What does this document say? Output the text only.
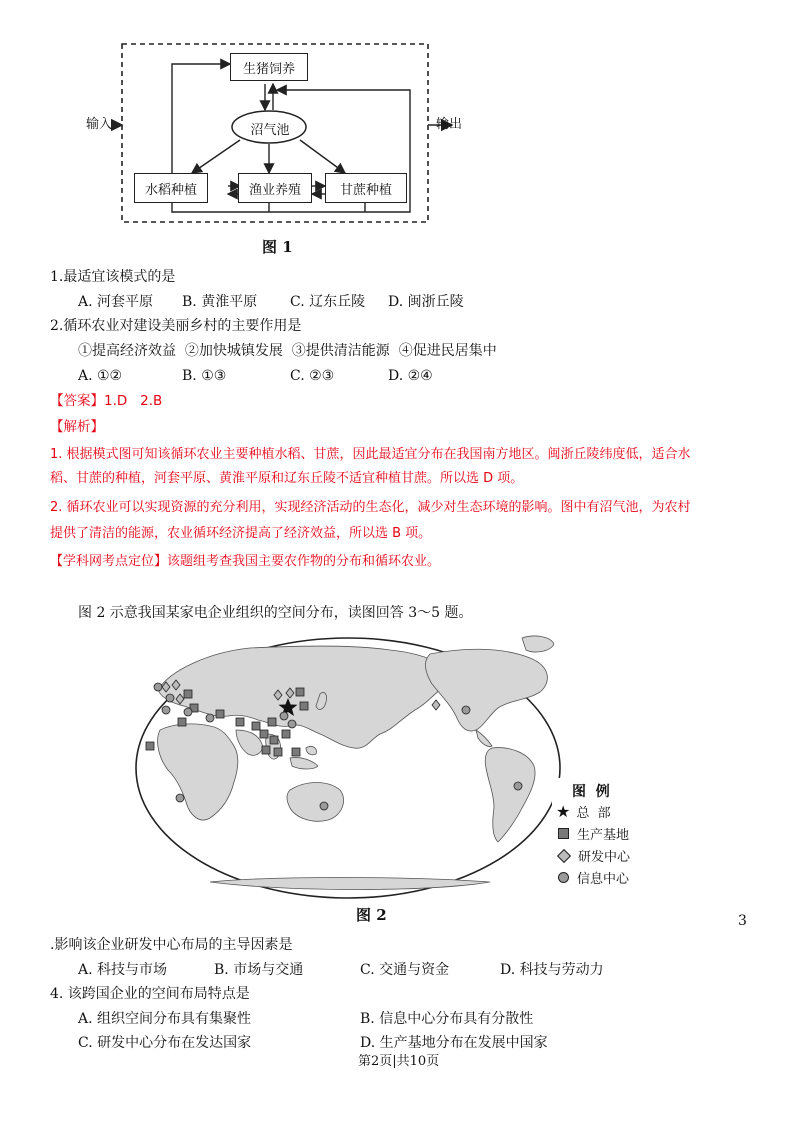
输入	输出
生猪饲养
沼气池
水稻种植	渔业养殖	甘蔗种植
图 1
1.最适宜该模式的是
A. 河套平原 B. 黄淮平原 C. 辽东丘陵 D. 闽浙丘陵
2.循环农业对建设美丽乡村的主要作用是
①提高经济效益  ②加快城镇发展  ③提供清洁能源  ④促进民居集中
A. ①②	B. ①③	C. ②③	D. ②④
【答案】1.D   2.B
【解析】
1. 根据模式图可知该循环农业主要种植水稻、甘蔗，因此最适宜分布在我国南方地区。闽浙丘陵纬度低，适合水
稻、甘蔗的种植，河套平原、黄淮平原和辽东丘陵不适宜种植甘蔗。所以选 D 项。
2. 循环农业可以实现资源的充分利用，实现经济活动的生态化，减少对生态环境的影响。图中有沼气池，为农村
提供了清洁的能源，农业循环经济提高了经济效益，所以选 B 项。
【学科网考点定位】该题组考查我国主要农作物的分布和循环农业。
图 2 示意我国某家电企业组织的空间分布，读图回答 3～5 题。
图  例
★ 总  部
生产基地
研发中心
信息中心
图 2	3
.影响该企业研发中心布局的主导因素是
A. 科技与市场	B. 市场与交通	C. 交通与资金	D. 科技与劳动力
4. 该跨国企业的空间布局特点是
A. 组织空间分布具有集聚性	B. 信息中心分布具有分散性
C. 研发中心分布在发达国家	D. 生产基地分布在发展中国家
第2页|共10页
